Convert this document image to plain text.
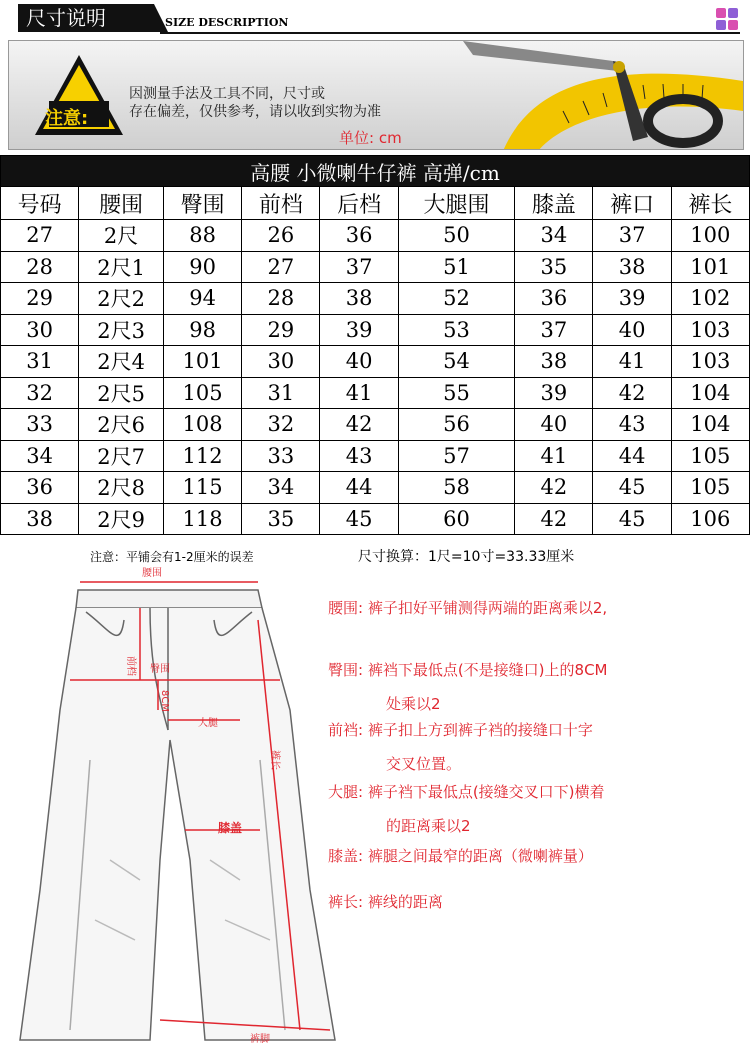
尺寸说明	SIZE DESCRIPTION
注意:
因测量手法及工具不同，尺寸或
存在偏差，仅供参考，请以收到实物为准
单位: cm
高腰 小微喇牛仔裤 高弹/cm								
号码	腰围	臀围	前档	后档	大腿围	膝盖	裤口	裤长
27	2尺	88	26	36	50	34	37	100
28	2尺1	90	27	37	51	35	38	101
29	2尺2	94	28	38	52	36	39	102
30	2尺3	98	29	39	53	37	40	103
31	2尺4	101	30	40	54	38	41	103
32	2尺5	105	31	41	55	39	42	104
33	2尺6	108	32	42	56	40	43	104
34	2尺7	112	33	43	57	41	44	105
36	2尺8	115	34	44	58	42	45	105
38	2尺9	118	35	45	60	42	45	106
注意：平铺会有1-2厘米的误差	尺寸换算：1尺=10寸=33.33厘米
腰围
臀围
前档
8CM
大腿
裤长
膝盖
裤脚
腰围: 裤子扣好平铺测得两端的距离乘以2,
臀围: 裤裆下最低点(不是接缝口)上的8CM
处乘以2
前裆: 裤子扣上方到裤子裆的接缝口十字
交叉位置。
大腿: 裤子裆下最低点(接缝交叉口下)横着
的距离乘以2
膝盖: 裤腿之间最窄的距离（微喇裤量）
裤长: 裤线的距离
